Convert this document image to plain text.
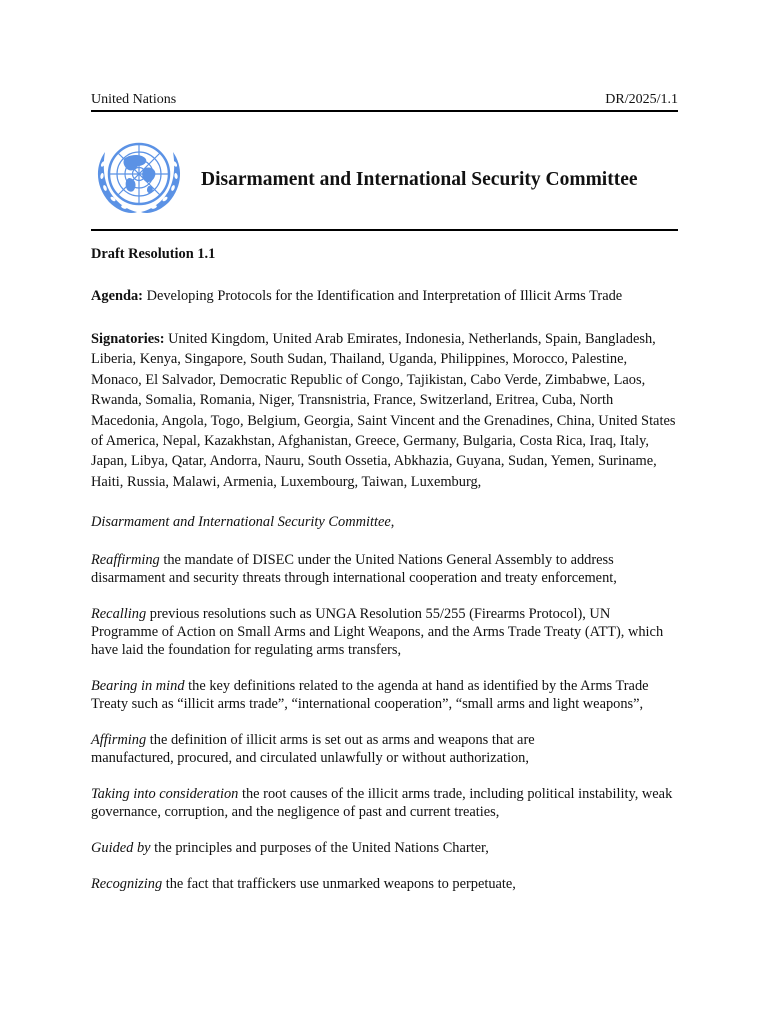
United Nations	DR/2025/1.1
Disarmament and International Security Committee

Draft Resolution 1.1

Agenda: Developing Protocols for the Identification and Interpretation of Illicit Arms Trade

Signatories: United Kingdom, United Arab Emirates, Indonesia, Netherlands, Spain, Bangladesh, Liberia, Kenya, Singapore, South Sudan, Thailand, Uganda, Philippines, Morocco, Palestine, Monaco, El Salvador, Democratic Republic of Congo, Tajikistan, Cabo Verde, Zimbabwe, Laos, Rwanda, Somalia, Romania, Niger, Transnistria, France, Switzerland, Eritrea, Cuba, North Macedonia, Angola, Togo, Belgium, Georgia, Saint Vincent and the Grenadines, China, United States of America, Nepal, Kazakhstan, Afghanistan, Greece, Germany, Bulgaria, Costa Rica, Iraq, Italy, Japan, Libya, Qatar, Andorra, Nauru, South Ossetia, Abkhazia, Guyana, Sudan, Yemen, Suriname, Haiti, Russia, Malawi, Armenia, Luxembourg, Taiwan, Luxemburg,

Disarmament and International Security Committee,

Reaffirming the mandate of DISEC under the United Nations General Assembly to address disarmament and security threats through international cooperation and treaty enforcement,

Recalling previous resolutions such as UNGA Resolution 55/255 (Firearms Protocol), UN Programme of Action on Small Arms and Light Weapons, and the Arms Trade Treaty (ATT), which have laid the foundation for regulating arms transfers,

Bearing in mind the key definitions related to the agenda at hand as identified by the Arms Trade Treaty such as “illicit arms trade”, “international cooperation”, “small arms and light weapons”,

Affirming the definition of illicit arms is set out as arms and weapons that are
manufactured, procured, and circulated unlawfully or without authorization,

Taking into consideration the root causes of the illicit arms trade, including political instability, weak governance, corruption, and the negligence of past and current treaties,

Guided by the principles and purposes of the United Nations Charter,

Recognizing the fact that traffickers use unmarked weapons to perpetuate,
